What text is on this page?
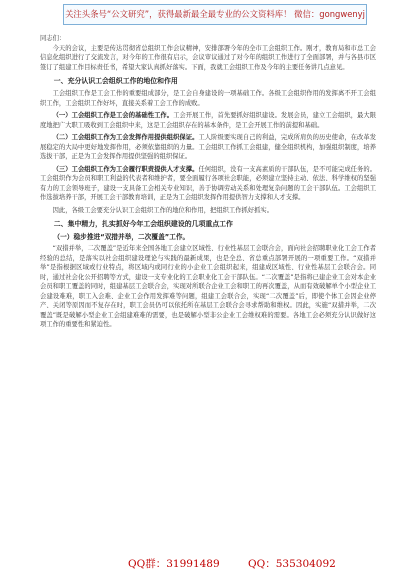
关注头条号“公文研究”，获得最新最全最专业的公文资料库！ 微信：gongwenyj

同志们：

今天的会议，主要是传达贯彻省总组织工作会议精神，安排部署今年的全市工会组织工作。刚才，教育局和市总工会信息化组织进行了交流发言，对今年的工作很有启示，会议审议通过了对今年的组织工作进行了全面部署，并与各县市区签订了组建工作目标责任书，希望大家认真抓好落实。下面，我就工会组织工作及今年的主要任务讲几点意见。

一、充分认识工会组织工作的地位和作用

工会组织工作是工会工作的重要组成部分，是工会自身建设的一项基础工作。各级工会组织作用的发挥离不开工会组织工作，工会组织工作好坏，直接关系着工会工作的成败。

（一）工会组织工作是工会的基础性工作。工会开展工作，首先要抓好组织建设。发展会员，建立工会组织，最大限度地把广大职工吸收到工会组织中来，这是工会组织存在的基本条件，是工会开展工作的前提和基础。

（二）工会组织工作为工会发挥作用提供组织保证。工人阶级要实现自己的利益，完成所肩负的历史使命，在改革发展稳定的大局中更好地发挥作用，必须依靠组织的力量。工会组织工作抓工会组建，健全组织机构，加强组织制度，培养选拔干部，正是为工会发挥作用提供坚强的组织保证。

（三）工会组织工作为工会履行职责提供人才支撑。任何组织，没有一支高素质的干部队伍，是不可能完成任务的。工会组织作为会员和职工利益的代表者和维护者，要全面履行各项社会职能，必须建立坚持主动、依法、科学维权的坚强有力的工会领导班子，建设一支具备工会相关专业知识，善于协调劳动关系和处理复杂问题的工会干部队伍。工会组织工作选拔培养干部，开展工会干部教育培训，正是为工会组织发挥作用提供智力支撑和人才支撑。

因此，各级工会要充分认识工会组织工作的地位和作用，把组织工作抓好抓实。

二、集中精力，扎实抓好今年工会组织建设的几项重点工作
（一）稳步推进“双措并举，二次覆盖”工作。

“双措并举，二次覆盖”是近年来全国各地工会建立区域性、行业性基层工会联合会，面向社会招聘职业化工会工作者经验的总结，是落实以社会组织建设理论与实践的最新成果，也是全总、省总重点部署开展的一项重要工作。“双措并举”是指根据区域或行业特点，将区域内或同行业的小企业工会组织起来，组建成区域性、行业性基层工会联合会。同时，通过社会化公开招聘等方式，建设一支专业化的工会职业化工会干部队伍。“二次覆盖”是指将已建企业工会对本企业会员和职工覆盖的同时，组建基层工会联合会，实现对所联合企业工会和职工的再次覆盖，从而有效破解单个小型企业工会建设难难，职工入会难、企业工会作用发挥难等问题，组建工会联合会，实现“二次覆盖”后，即使个体工会因企业停产、关闭等原因而不复存在时，职工会员仍可以依托所在基层工会联合会寻求帮助和维权。因此，实施“双措并举，二次覆盖”既是破解小型企业工会组建难难的需要，也是破解小型非公企业工会维权难的需要。各地工会必须充分认识做好这项工作的重要性和紧迫性。

QQ群：31991489	QQ：535304092
